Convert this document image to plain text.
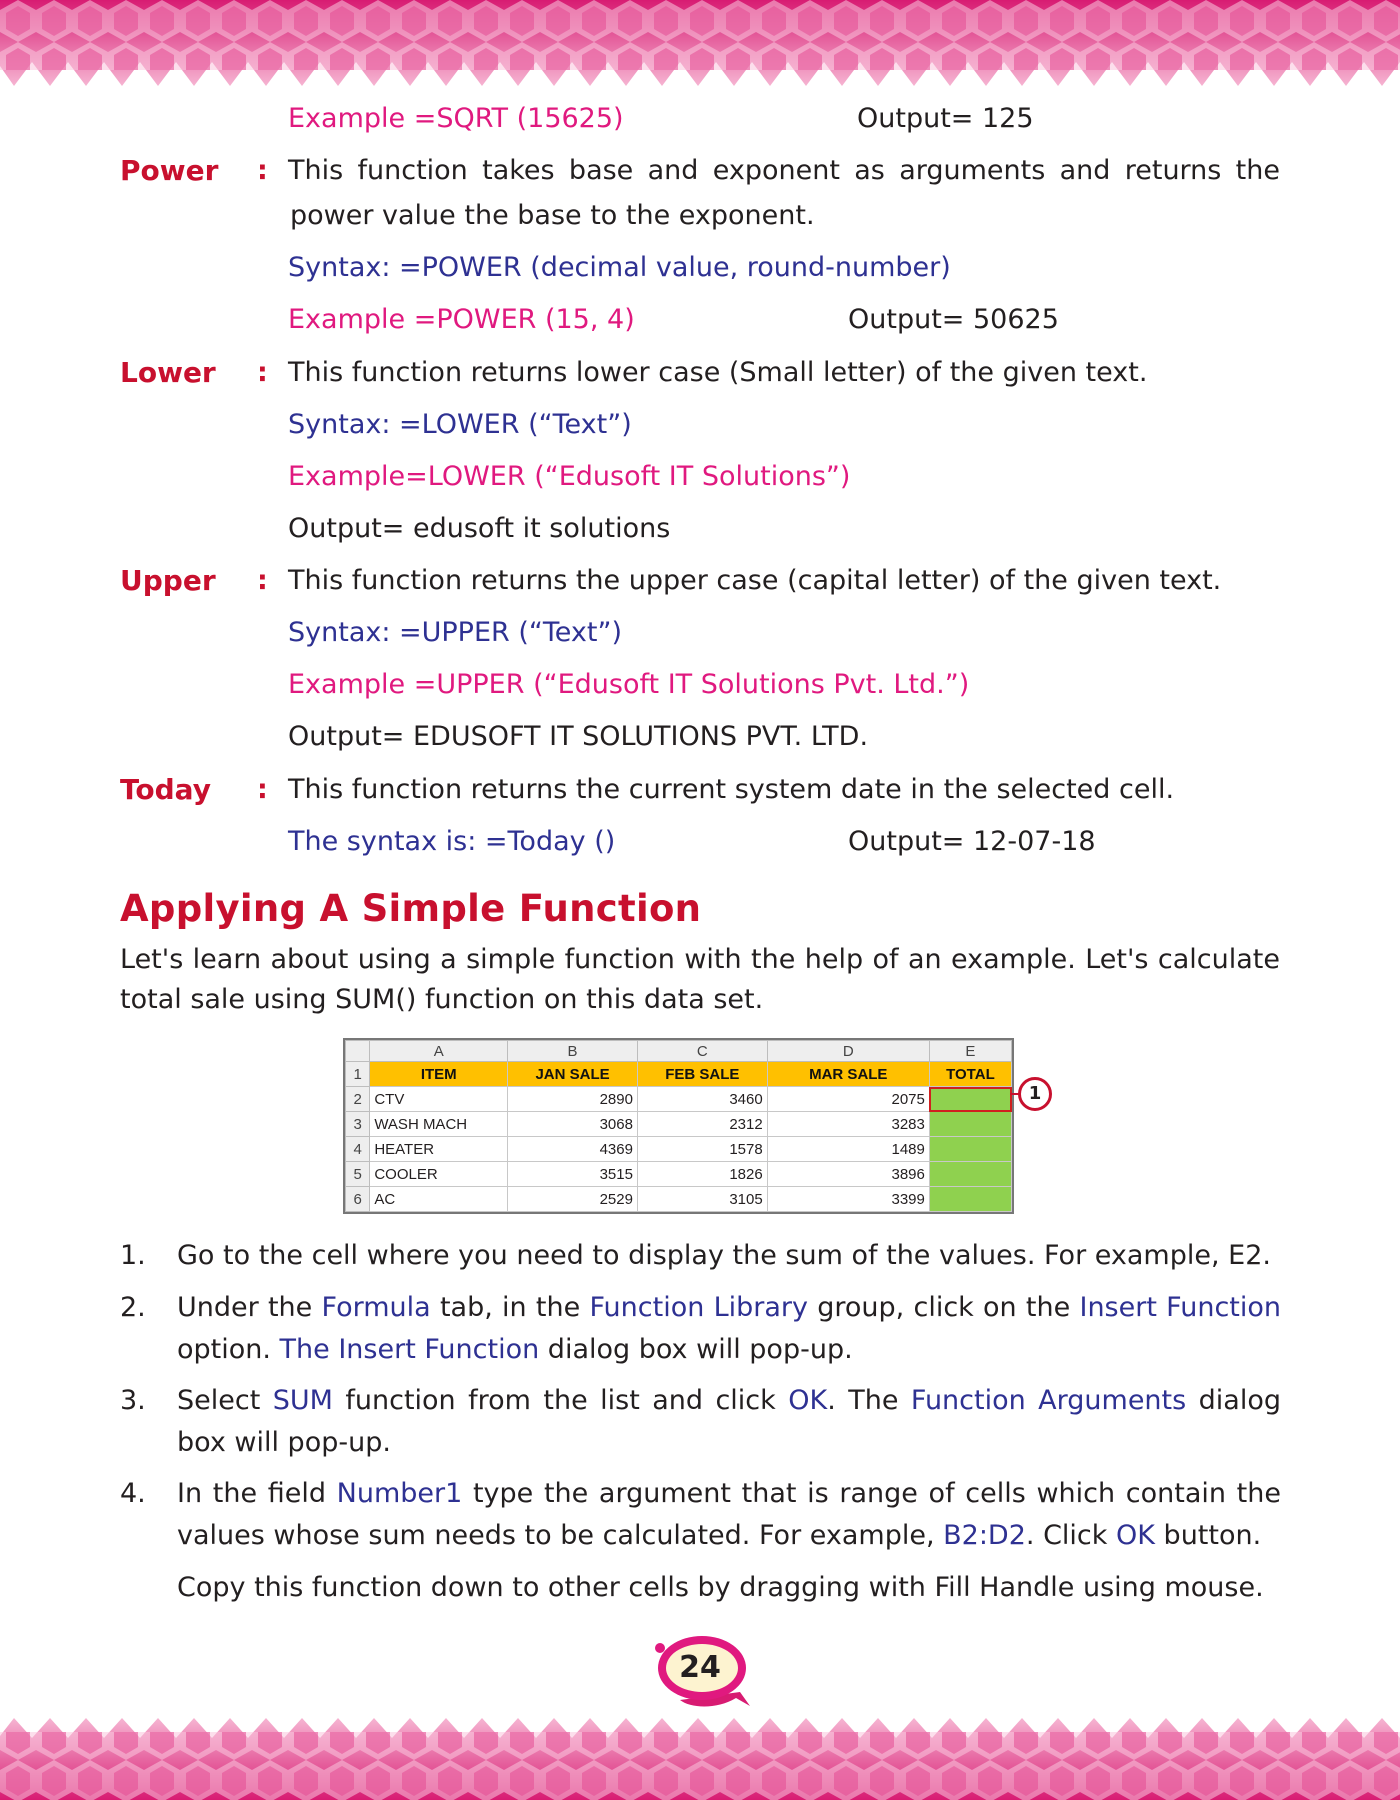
Example =SQRT (15625)	Output= 125
Power : This function takes base and exponent as arguments and returns the
power value the base to the exponent.
Syntax: =POWER (decimal value, round-number)
Example =POWER (15, 4)	Output= 50625
Lower : This function returns lower case (Small letter) of the given text.
Syntax: =LOWER (“Text”)
Example=LOWER (“Edusoft IT Solutions”)
Output= edusoft it solutions
Upper : This function returns the upper case (capital letter) of the given text.
Syntax: =UPPER (“Text”)
Example =UPPER (“Edusoft IT Solutions Pvt. Ltd.”)
Output= EDUSOFT IT SOLUTIONS PVT. LTD.
Today : This function returns the current system date in the selected cell.
The syntax is: =Today ()	Output= 12-07-18
Applying A Simple Function
Let's learn about using a simple function with the help of an example. Let's calculate total sale using SUM() function on this data set.
	A	B	C	D	E
1	ITEM	JAN SALE	FEB SALE	MAR SALE	TOTAL
2	CTV	2890	3460	2075	
3	WASH MACH	3068	2312	3283	
4	HEATER	4369	1578	1489	
5	COOLER	3515	1826	3896	
6	AC	2529	3105	3399	
1
1. Go to the cell where you need to display the sum of the values. For example, E2.
2. Under the Formula tab, in the Function Library group, click on the Insert Function option. The Insert Function dialog box will pop-up.
3. Select SUM function from the list and click OK. The Function Arguments dialog box will pop-up.
4. In the field Number1 type the argument that is range of cells which contain the values whose sum needs to be calculated. For example, B2:D2. Click OK button.
Copy this function down to other cells by dragging with Fill Handle using mouse.
24
